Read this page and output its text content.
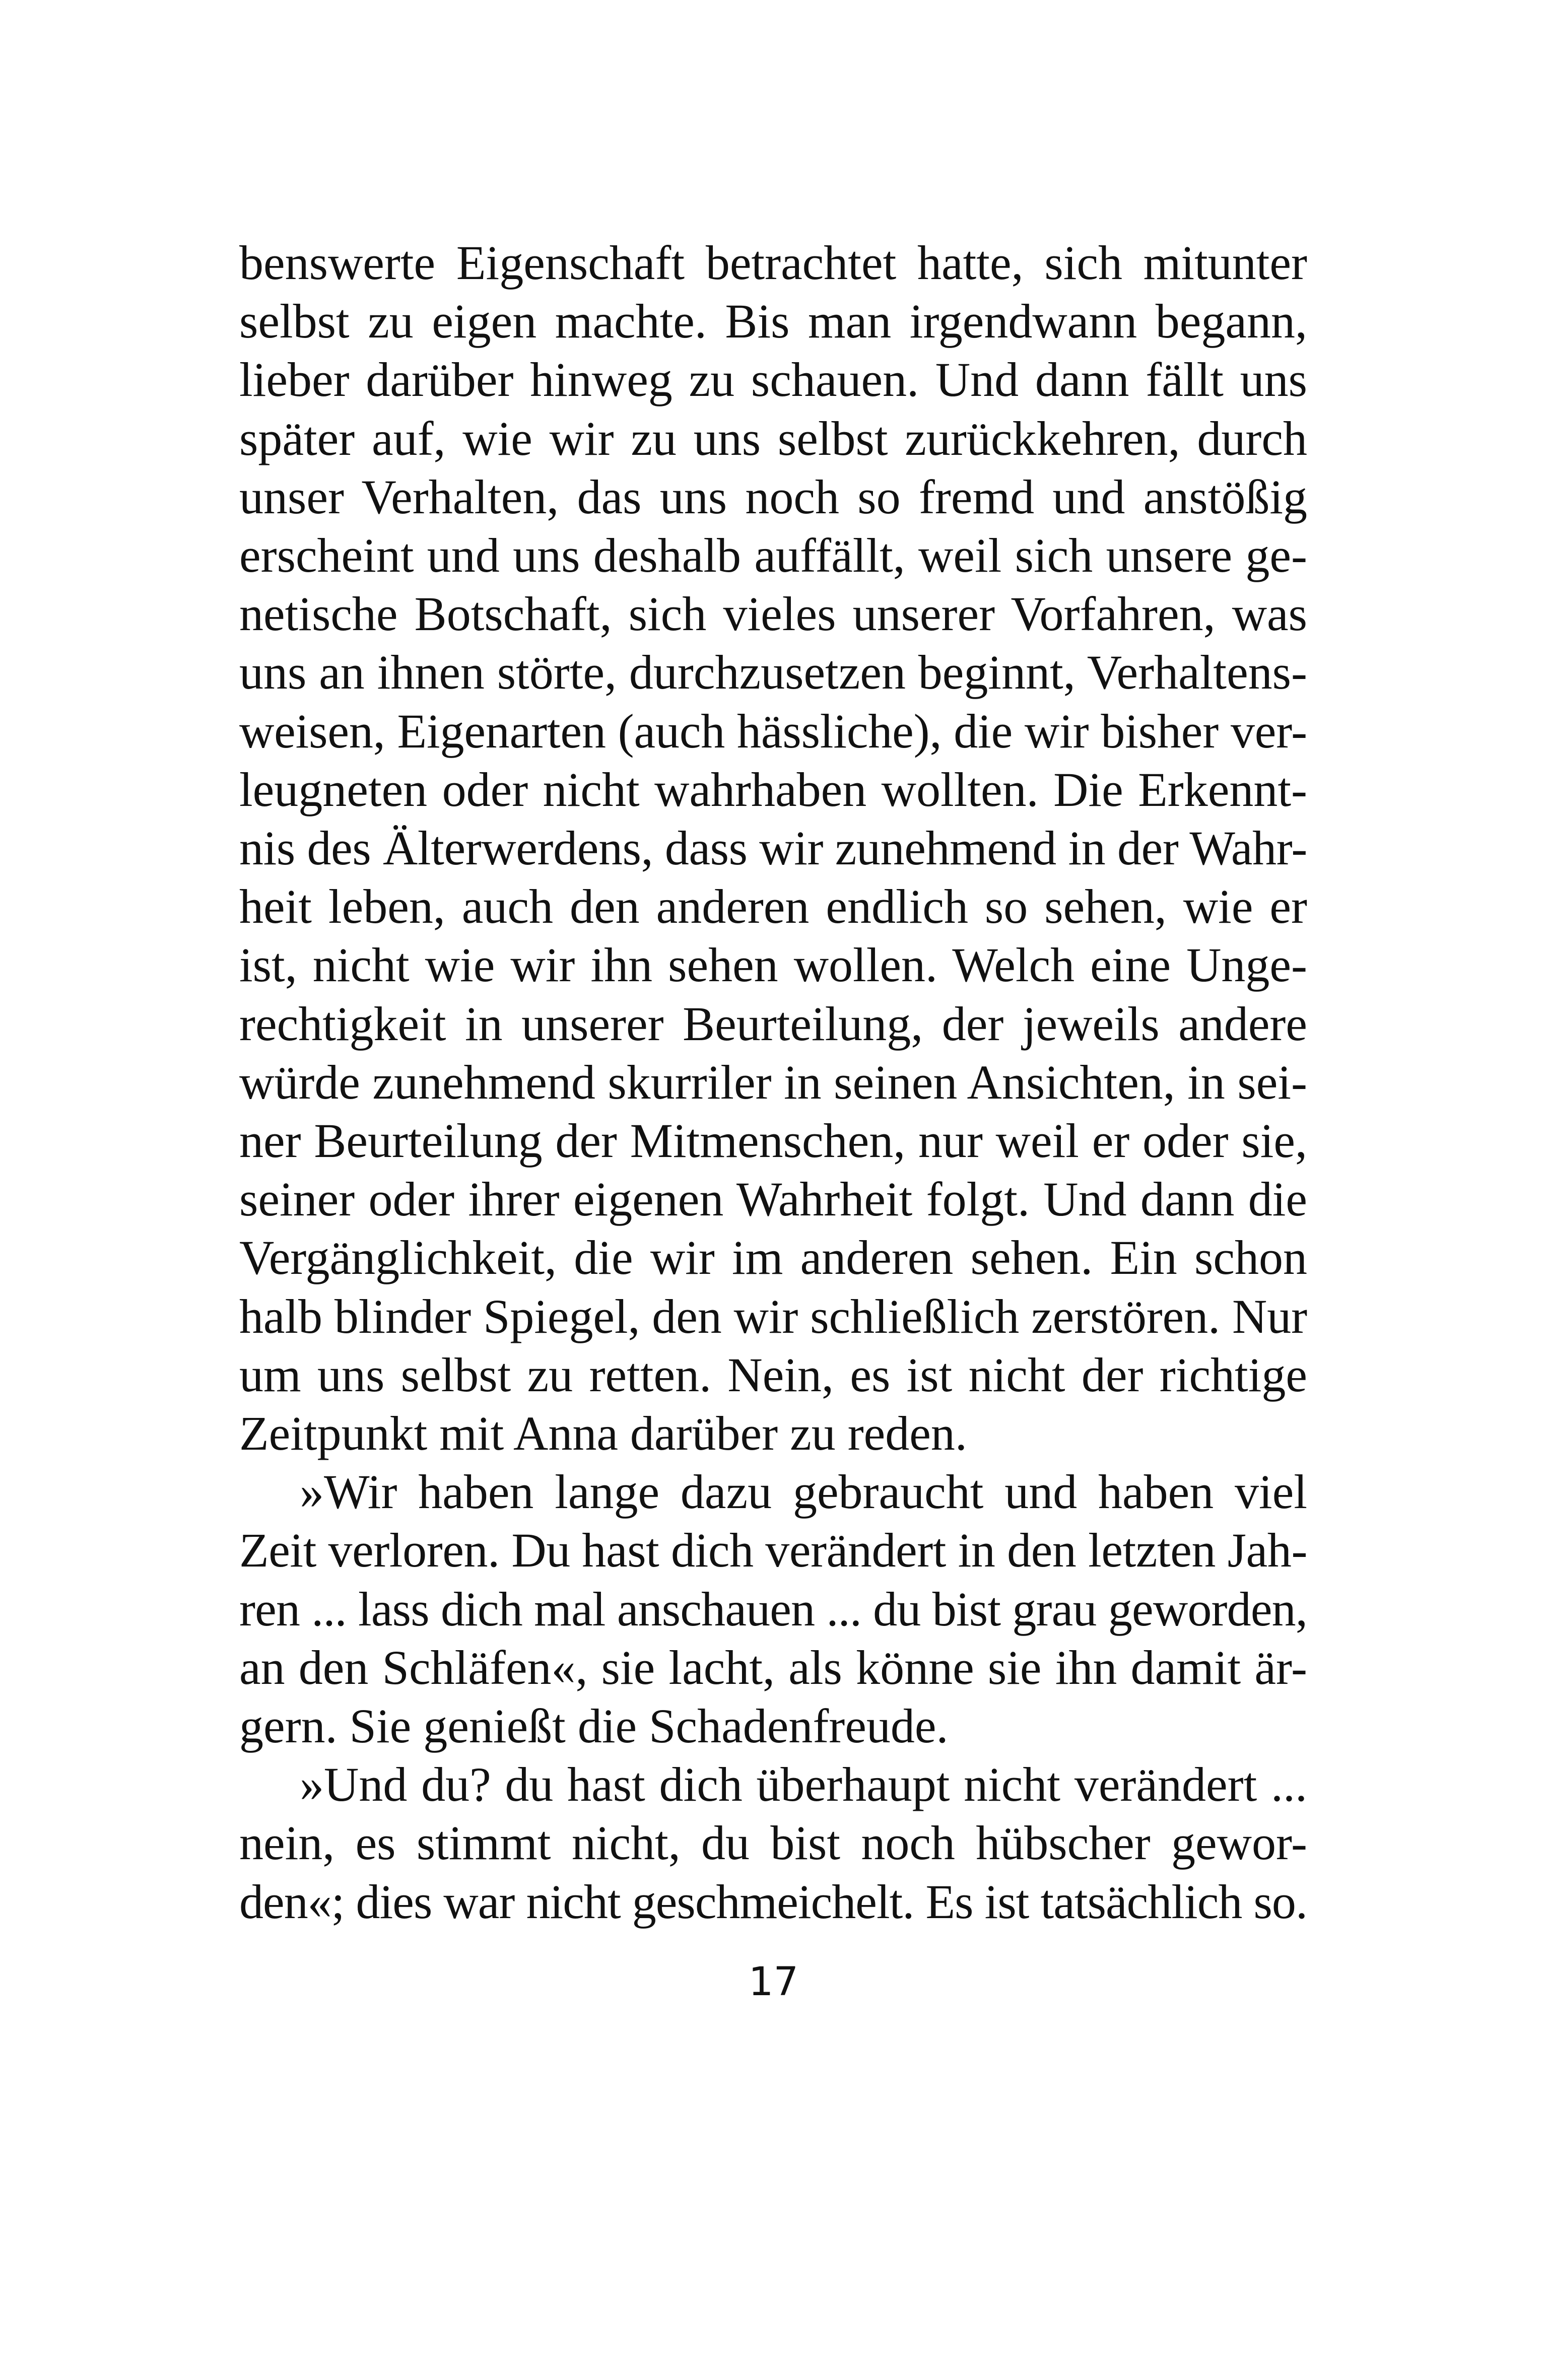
benswerte Eigenschaft betrachtet hatte, sich mitunter
selbst zu eigen machte. Bis man irgendwann begann,
lieber darüber hinweg zu schauen. Und dann fällt uns
später auf, wie wir zu uns selbst zurückkehren, durch
unser Verhalten, das uns noch so fremd und anstößig
erscheint und uns deshalb auffällt, weil sich unsere ge-
netische Botschaft, sich vieles unserer Vorfahren, was
uns an ihnen störte, durchzusetzen beginnt, Verhaltens-
weisen, Eigenarten (auch hässliche), die wir bisher ver-
leugneten oder nicht wahrhaben wollten. Die Erkennt-
nis des Älterwerdens, dass wir zunehmend in der Wahr-
heit leben, auch den anderen endlich so sehen, wie er
ist, nicht wie wir ihn sehen wollen. Welch eine Unge-
rechtigkeit in unserer Beurteilung, der jeweils andere
würde zunehmend skurriler in seinen Ansichten, in sei-
ner Beurteilung der Mitmenschen, nur weil er oder sie,
seiner oder ihrer eigenen Wahrheit folgt. Und dann die
Vergänglichkeit, die wir im anderen sehen. Ein schon
halb blinder Spiegel, den wir schließlich zerstören. Nur
um uns selbst zu retten. Nein, es ist nicht der richtige
Zeitpunkt mit Anna darüber zu reden.

»Wir haben lange dazu gebraucht und haben viel
Zeit verloren. Du hast dich verändert in den letzten Jah-
ren ... lass dich mal anschauen ... du bist grau geworden,
an den Schläfen«, sie lacht, als könne sie ihn damit är-
gern. Sie genießt die Schadenfreude.

»Und du? du hast dich überhaupt nicht verändert ...
nein, es stimmt nicht, du bist noch hübscher gewor-
den«; dies war nicht geschmeichelt. Es ist tatsächlich so.

17
